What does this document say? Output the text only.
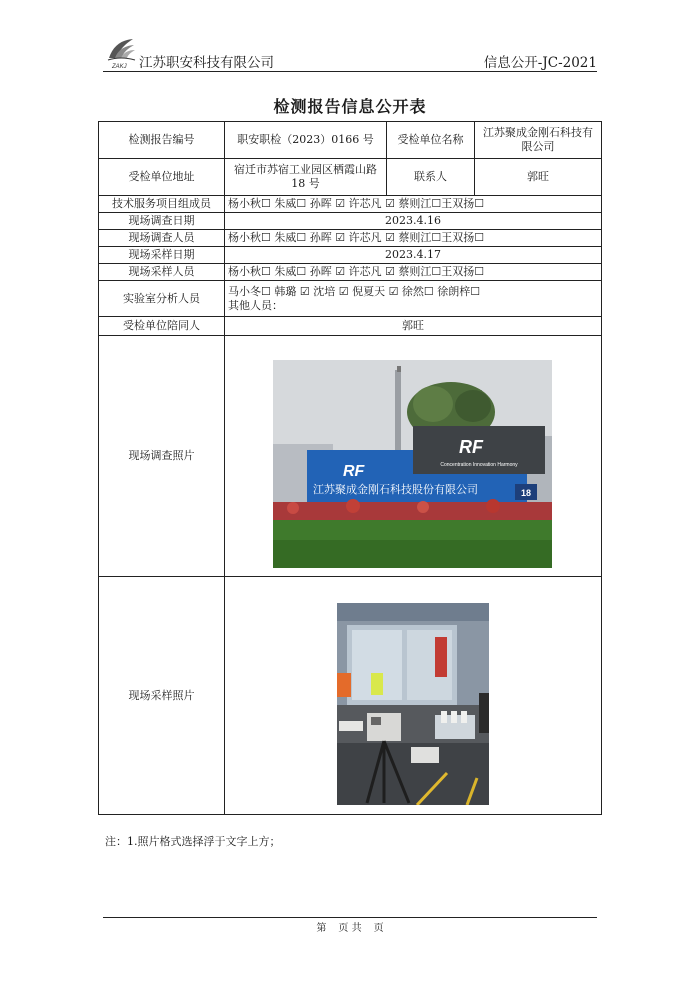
ZAKJ 江苏职安科技有限公司	信息公开-JC-2021
检测报告信息公开表
检测报告编号	职安职检（2023）0166 号	受检单位名称	江苏聚成金刚石科技有限公司
受检单位地址	宿迁市苏宿工业园区栖霞山路 18 号	联系人	郭旺
技术服务项目组成员	杨小秋☐ 朱威☐ 孙晖 ☑ 许芯凡 ☑ 蔡则江☐王双扬☐		
现场调查日期	2023.4.16		
现场调查人员	杨小秋☐ 朱威☐ 孙晖 ☑ 许芯凡 ☑ 蔡则江☐王双扬☐		
现场采样日期	2023.4.17		
现场采样人员	杨小秋☐ 朱威☐ 孙晖 ☑ 许芯凡 ☑ 蔡则江☐王双扬☐		
实验室分析人员	马小冬☐ 韩璐 ☑ 沈培 ☑ 倪夏天 ☑ 徐然☐ 徐朗梓☐
其他人员：		

受检单位陪同人	郭旺		
现场调查照片	RF
Concentration Innovation Harmony
RF
江苏聚成金刚石科技股份有限公司 18		

现场采样照片	
注：1.照片格式选择浮于文字上方；
第 页 共 页
